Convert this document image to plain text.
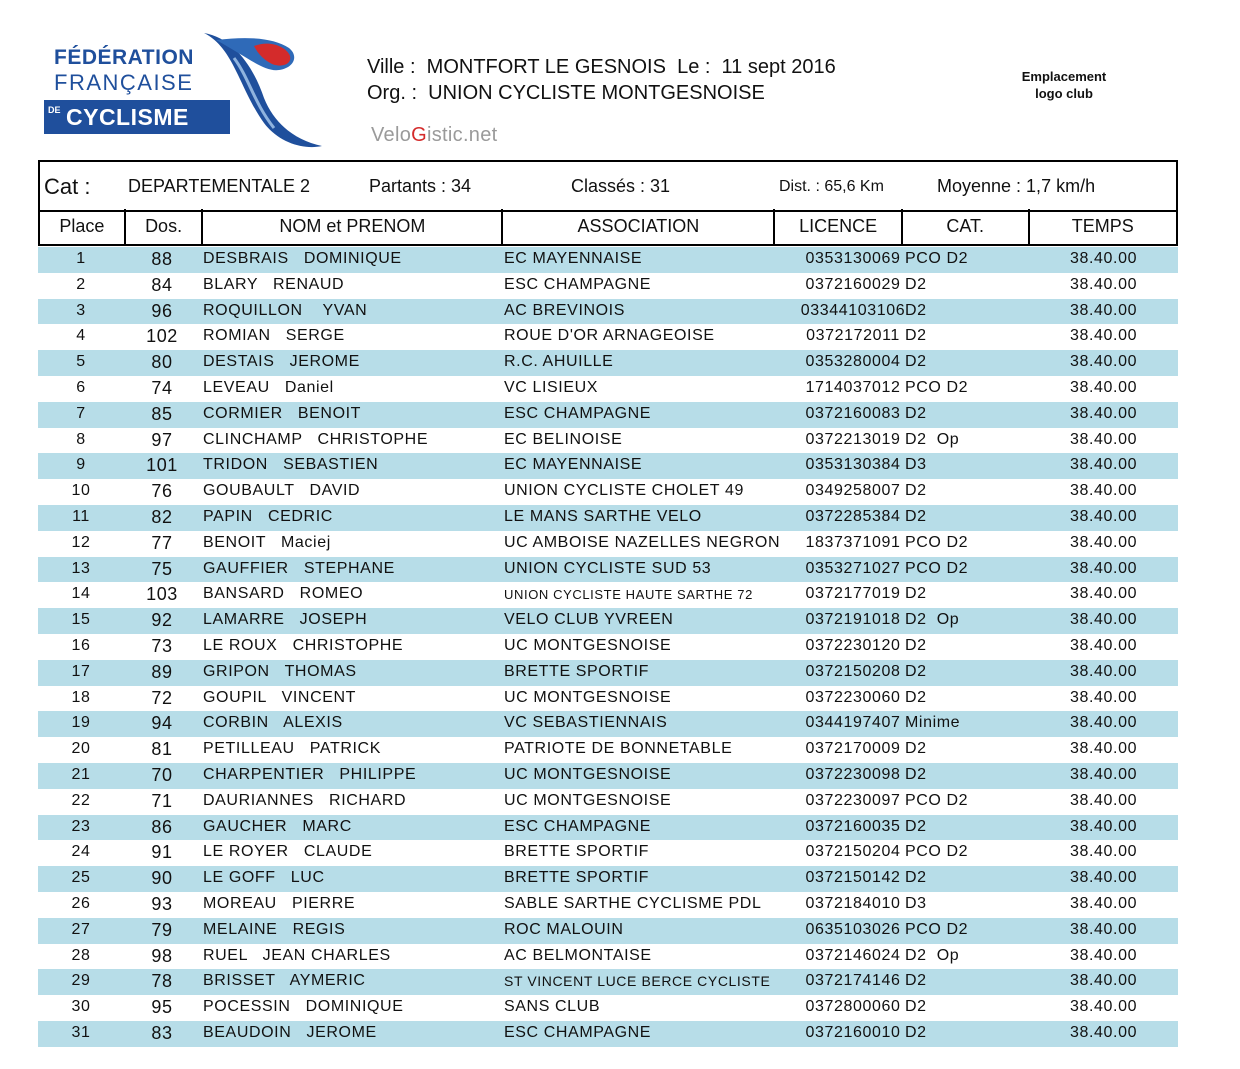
FÉDÉRATION
FRANÇAISE
DE CYCLISME
Ville :  MONTFORT LE GESNOIS  Le :  11 sept 2016
Org. :  UNION CYCLISTE MONTGESNOISE
VeloGistic.net
Emplacement
logo club
Cat : DEPARTEMENTALE 2	Partants : 34	Classés : 31	Dist. : 65,6 Km	Moyenne : 1,7 km/h
Place	Dos.	NOM et PRENOM	ASSOCIATION	LICENCE	CAT.	TEMPS
1	88	DESBRAIS   DOMINIQUE	EC MAYENNAISE	0353130069 PCO D2	38.40.00
2	84	BLARY   RENAUD	ESC CHAMPAGNE	0372160029 D2	38.40.00
3	96	ROQUILLON    YVAN	AC BREVINOIS	03344103106 D2	38.40.00
4	102	ROMIAN   SERGE	ROUE D'OR ARNAGEOISE	0372172011 D2	38.40.00
5	80	DESTAIS   JEROME	R.C. AHUILLE	0353280004 D2	38.40.00
6	74	LEVEAU   Daniel	VC LISIEUX	1714037012 PCO D2	38.40.00
7	85	CORMIER   BENOIT	ESC CHAMPAGNE	0372160083 D2	38.40.00
8	97	CLINCHAMP   CHRISTOPHE	EC BELINOISE	0372213019 D2  Op	38.40.00
9	101	TRIDON   SEBASTIEN	EC MAYENNAISE	0353130384 D3	38.40.00
10	76	GOUBAULT   DAVID	UNION CYCLISTE CHOLET 49	0349258007 D2	38.40.00
11	82	PAPIN   CEDRIC	LE MANS SARTHE VELO	0372285384 D2	38.40.00
12	77	BENOIT   Maciej	UC AMBOISE NAZELLES NEGRON	1837371091 PCO D2	38.40.00
13	75	GAUFFIER   STEPHANE	UNION CYCLISTE SUD 53	0353271027 PCO D2	38.40.00
14	103	BANSARD   ROMEO	UNION CYCLISTE HAUTE SARTHE 72	0372177019 D2	38.40.00
15	92	LAMARRE   JOSEPH	VELO CLUB YVREEN	0372191018 D2  Op	38.40.00
16	73	LE ROUX   CHRISTOPHE	UC MONTGESNOISE	0372230120 D2	38.40.00
17	89	GRIPON   THOMAS	BRETTE SPORTIF	0372150208 D2	38.40.00
18	72	GOUPIL   VINCENT	UC MONTGESNOISE	0372230060 D2	38.40.00
19	94	CORBIN   ALEXIS	VC SEBASTIENNAIS	0344197407 Minime	38.40.00
20	81	PETILLEAU   PATRICK	PATRIOTE DE BONNETABLE	0372170009 D2	38.40.00
21	70	CHARPENTIER   PHILIPPE	UC MONTGESNOISE	0372230098 D2	38.40.00
22	71	DAURIANNES   RICHARD	UC MONTGESNOISE	0372230097 PCO D2	38.40.00
23	86	GAUCHER   MARC	ESC CHAMPAGNE	0372160035 D2	38.40.00
24	91	LE ROYER   CLAUDE	BRETTE SPORTIF	0372150204 PCO D2	38.40.00
25	90	LE GOFF   LUC	BRETTE SPORTIF	0372150142 D2	38.40.00
26	93	MOREAU   PIERRE	SABLE SARTHE CYCLISME PDL	0372184010 D3	38.40.00
27	79	MELAINE   REGIS	ROC MALOUIN	0635103026 PCO D2	38.40.00
28	98	RUEL   JEAN CHARLES	AC BELMONTAISE	0372146024 D2  Op	38.40.00
29	78	BRISSET   AYMERIC	ST VINCENT LUCE BERCE CYCLISTE	0372174146 D2	38.40.00
30	95	POCESSIN   DOMINIQUE	SANS CLUB	0372800060 D2	38.40.00
31	83	BEAUDOIN   JEROME	ESC CHAMPAGNE	0372160010 D2	38.40.00
